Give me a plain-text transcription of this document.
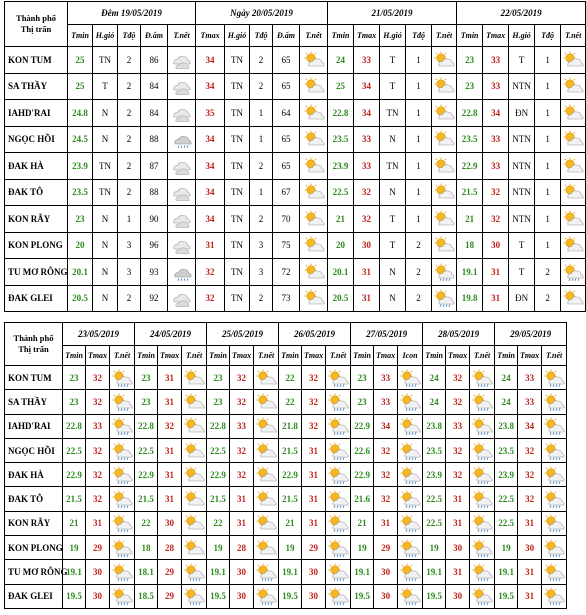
Thành phố
Thị trấn	Đêm 19/05/2019					Ngày 20/05/2019					21/05/2019					22/05/2019				
	Tmin	H.gió	Tđộ	Đ.ẩm	T.nết	Tmax	H.gió	Tđộ	Đ.ẩm	T.nết	Tmin	Tmax	H.gió	Tđộ	T.nết	Tmin	Tmax	H.gió	Tđộ	T.nết
KON TUM	25	TN	2	86		34	TN	2	65		24	33	T	1		23	33	T	1	

SA THẦY	25	T	2	84		34	TN	2	65		25	34	T	1		23	33	NTN	1	

IAHD'RAI	24.8	N	2	84		35	TN	1	64		22.8	34	TN	1		22.8	34	ĐN	1	

NGỌC HỒI	24.5	N	2	88		34	TN	1	65		23.5	33	N	1		23.5	33	NTN	1	

ĐAK HÀ	23.9	TN	2	87		34	TN	2	65		23.9	33	TN	1		22.9	33	NTN	1	

ĐAK TÔ	23.5	TN	2	88		34	TN	1	67		22.5	32	N	1		21.5	32	NTN	1	

KON RẪY	23	N	1	90		34	TN	2	70		21	32	T	1		21	32	NTN	1	

KON PLONG	20	N	3	96		31	TN	3	75		20	30	T	2		18	30	T	1	

TU MƠ RÔNG	20.1	N	3	93		32	TN	3	72		20.1	31	N	2		19.1	31	T	2	

ĐAK GLEI	20.5	N	2	92		32	TN	2	73		20.5	31	N	2		19.8	31	ĐN	2	
Thành phố
Thị trấn	23/05/2019			24/05/2019			25/05/2019			26/05/2019			27/05/2019			28/05/2019			29/05/2019		
	Tmin	Tmax	T.nết	Tmin	Tmax	T.nết	Tmin	Tmax	T.nết	Tmin	Tmax	T.nết	Tmin	Tmax	Icon	Tmin	Tmax	T.nết	Tmin	Tmax	T.nết
KON TUM	23	32		23	31		23	32		22	32		23	33		24	32		24	33	

SA THẦY	23	32		23	31		23	32		22	32		23	33		24	32		24	33	

IAHD'RAI	22.8	33		22.8	32		22.8	33		21.8	32		22.9	34		23.8	33		23.8	34	

NGỌC HỒI	22.5	32		22.5	31		22.5	32		21.5	31		22.6	32		23.5	32		23.5	32	

ĐAK HÀ	22.9	32		22.9	31		22.9	32		22.9	31		22.9	32		23.9	32		23.9	32	

ĐAK TÔ	21.5	32		21.5	31		21.5	31		21.5	31		21.6	32		22.5	31		22.5	32	

KON RẪY	21	31		22	30		22	31		21	31		21	31		22.5	31		22.5	31	

KON PLONG	19	29		18	28		19	28		19	29		19	29		19	30		19	30	

TU MƠ RÔNG	19.1	30		18.1	29		19.1	30		19.1	30		19.1	30		19.1	31		19.1	31	

ĐAK GLEI	19.5	30		18.5	29		19.5	30		19.5	30		19.5	30		19.5	30		19.5	31	
